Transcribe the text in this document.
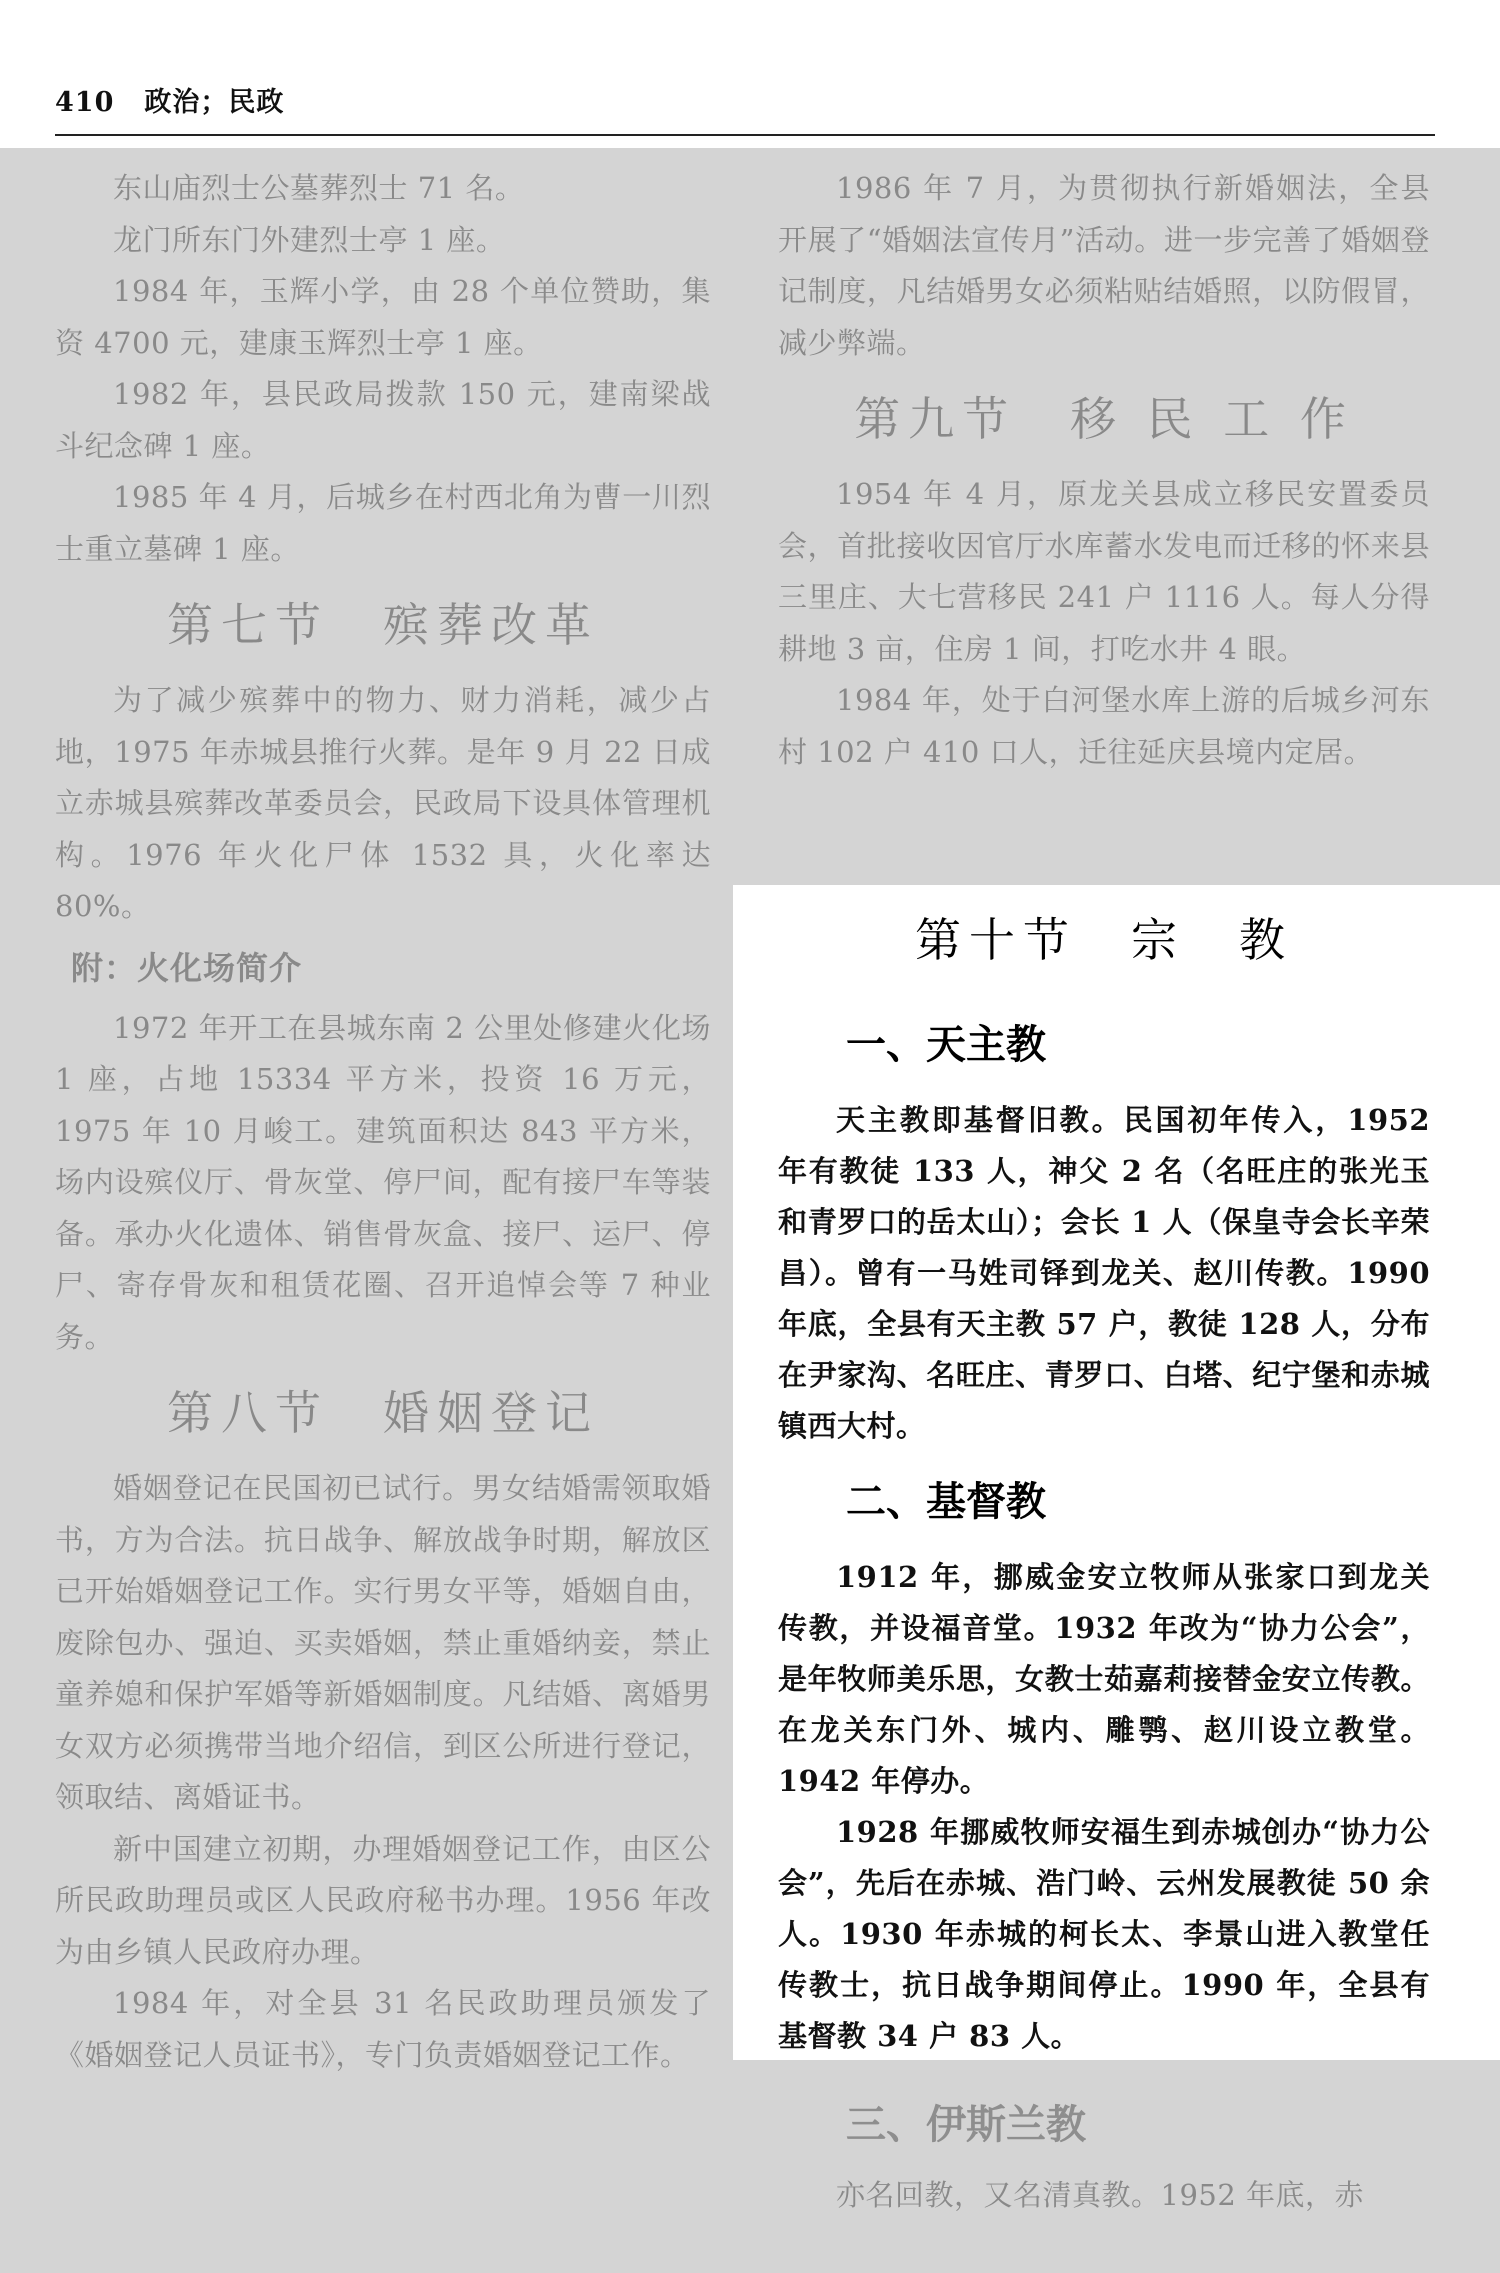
410 政治；民政

东山庙烈士公墓葬烈士 71 名。

龙门所东门外建烈士亭 1 座。

1984 年，玉辉小学，由 28 个单位赞助，集资 4700 元，建康玉辉烈士亭 1 座。

1982 年，县民政局拨款 150 元，建南梁战斗纪念碑 1 座。

1985 年 4 月，后城乡在村西北角为曹一川烈士重立墓碑 1 座。

第七节　殡葬改革

为了减少殡葬中的物力、财力消耗，减少占地，1975 年赤城县推行火葬。是年 9 月 22 日成立赤城县殡葬改革委员会，民政局下设具体管理机构。1976 年火化尸体 1532 具，火化率达 80%。

附：火化场简介

1972 年开工在县城东南 2 公里处修建火化场 1 座，占地 15334 平方米，投资 16 万元，1975 年 10 月峻工。建筑面积达 843 平方米，场内设殡仪厅、骨灰堂、停尸间，配有接尸车等装备。承办火化遗体、销售骨灰盒、接尸、运尸、停尸、寄存骨灰和租赁花圈、召开追悼会等 7 种业务。

第八节　婚姻登记

婚姻登记在民国初已试行。男女结婚需领取婚书，方为合法。抗日战争、解放战争时期，解放区已开始婚姻登记工作。实行男女平等，婚姻自由，废除包办、强迫、买卖婚姻，禁止重婚纳妾，禁止童养媳和保护军婚等新婚姻制度。凡结婚、离婚男女双方必须携带当地介绍信，到区公所进行登记，领取结、离婚证书。

新中国建立初期，办理婚姻登记工作，由区公所民政助理员或区人民政府秘书办理。1956 年改为由乡镇人民政府办理。

1984 年，对全县 31 名民政助理员颁发了《婚姻登记人员证书》，专门负责婚姻登记工作。

1986 年 7 月，为贯彻执行新婚姻法，全县开展了“婚姻法宣传月”活动。进一步完善了婚姻登记制度，凡结婚男女必须粘贴结婚照，以防假冒，减少弊端。

第九节　移 民 工 作

1954 年 4 月，原龙关县成立移民安置委员会，首批接收因官厅水库蓄水发电而迁移的怀来县三里庄、大七营移民 241 户 1116 人。每人分得耕地 3 亩，住房 1 间，打吃水井 4 眼。

1984 年，处于白河堡水库上游的后城乡河东村 102 户 410 口人，迁往延庆县境内定居。

第十节　宗　教
一、天主教

天主教即基督旧教。民国初年传入，1952 年有教徒 133 人，神父 2 名（名旺庄的张光玉和青罗口的岳太山）；会长 1 人（保皇寺会长辛荣昌）。曾有一马姓司铎到龙关、赵川传教。1990 年底，全县有天主教 57 户，教徒 128 人，分布在尹家沟、名旺庄、青罗口、白塔、纪宁堡和赤城镇西大村。

二、基督教

1912 年，挪威金安立牧师从张家口到龙关传教，并设福音堂。1932 年改为“协力公会”，是年牧师美乐思，女教士茹嘉莉接替金安立传教。在龙关东门外、城内、雕鹗、赵川设立教堂。1942 年停办。

1928 年挪威牧师安福生到赤城创办“协力公会”，先后在赤城、浩门岭、云州发展教徒 50 余人。1930 年赤城的柯长太、李景山进入教堂任传教士，抗日战争期间停止。1990 年，全县有基督教 34 户 83 人。

三、伊斯兰教

亦名回教，又名清真教。1952 年底，赤
